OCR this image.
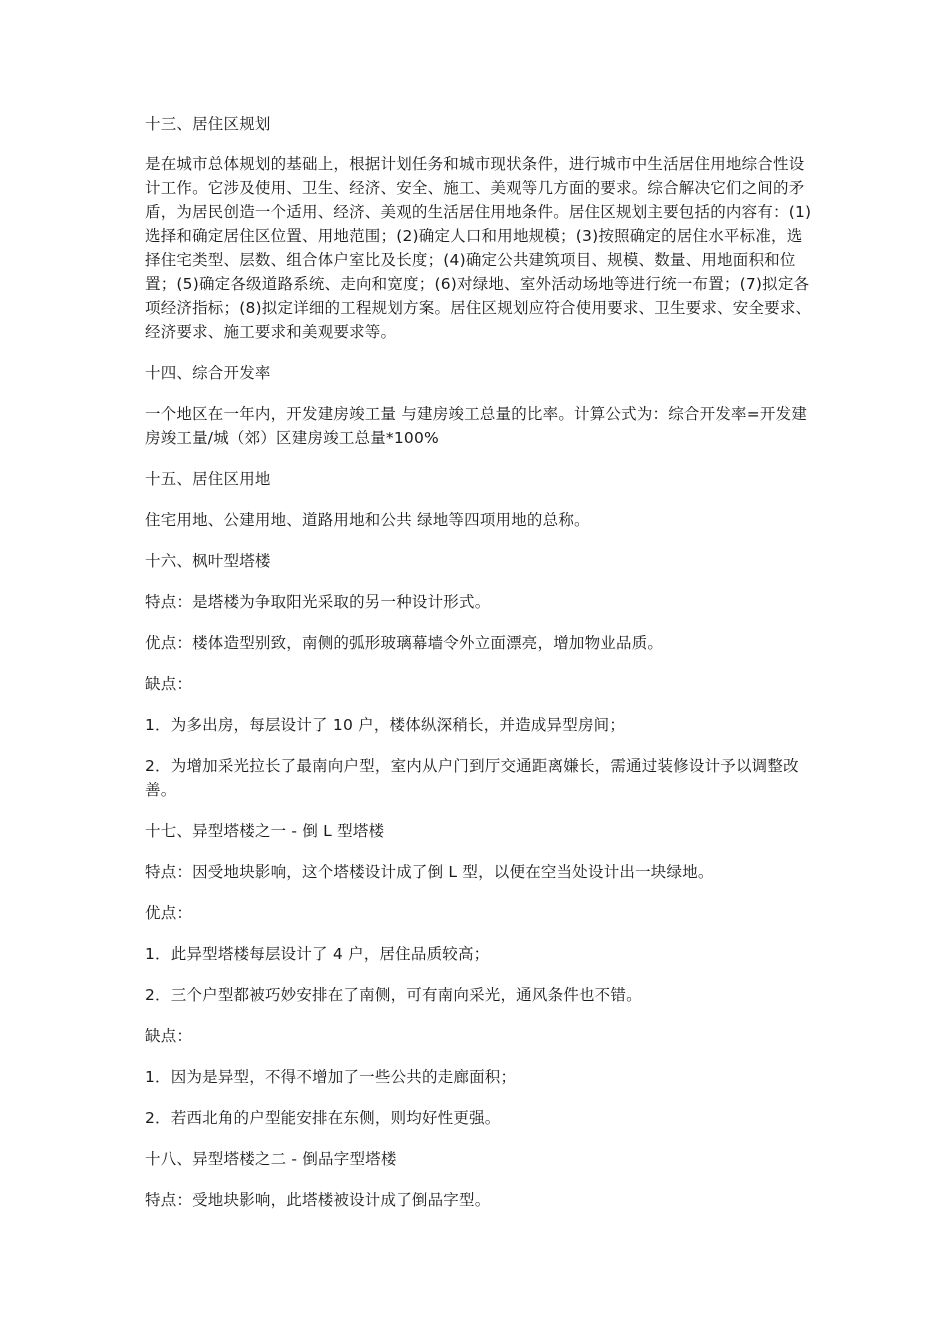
十三、居住区规划

是在城市总体规划的基础上，根据计划任务和城市现状条件，进行城市中生活居住用地综合性设计工作。它涉及使用、卫生、经济、安全、施工、美观等几方面的要求。综合解决它们之间的矛盾，为居民创造一个适用、经济、美观的生活居住用地条件。居住区规划主要包括的内容有：(1)选择和确定居住区位置、用地范围；(2)确定人口和用地规模；(3)按照确定的居住水平标准，选择住宅类型、层数、组合体户室比及长度；(4)确定公共建筑项目、规模、数量、用地面积和位置；(5)确定各级道路系统、走向和宽度；(6)对绿地、室外活动场地等进行统一布置；(7)拟定各项经济指标；(8)拟定详细的工程规划方案。居住区规划应符合使用要求、卫生要求、安全要求、经济要求、施工要求和美观要求等。

十四、综合开发率

一个地区在一年内，开发建房竣工量 与建房竣工总量的比率。计算公式为：综合开发率=开发建房竣工量/城（郊）区建房竣工总量*100%

十五、居住区用地

住宅用地、公建用地、道路用地和公共 绿地等四项用地的总称。

十六、枫叶型塔楼

特点：是塔楼为争取阳光采取的另一种设计形式。

优点：楼体造型别致，南侧的弧形玻璃幕墙令外立面漂亮，增加物业品质。

缺点：

1．为多出房，每层设计了 10 户，楼体纵深稍长，并造成异型房间；

2．为增加采光拉长了最南向户型，室内从户门到厅交通距离嫌长，需通过装修设计予以调整改善。

十七、异型塔楼之一 - 倒 L 型塔楼

特点：因受地块影响，这个塔楼设计成了倒 L 型，以便在空当处设计出一块绿地。

优点：

1．此异型塔楼每层设计了 4 户，居住品质较高；

2．三个户型都被巧妙安排在了南侧，可有南向采光，通风条件也不错。

缺点：

1．因为是异型，不得不增加了一些公共的走廊面积；

2．若西北角的户型能安排在东侧，则均好性更强。

十八、异型塔楼之二 - 倒品字型塔楼

特点：受地块影响，此塔楼被设计成了倒品字型。
